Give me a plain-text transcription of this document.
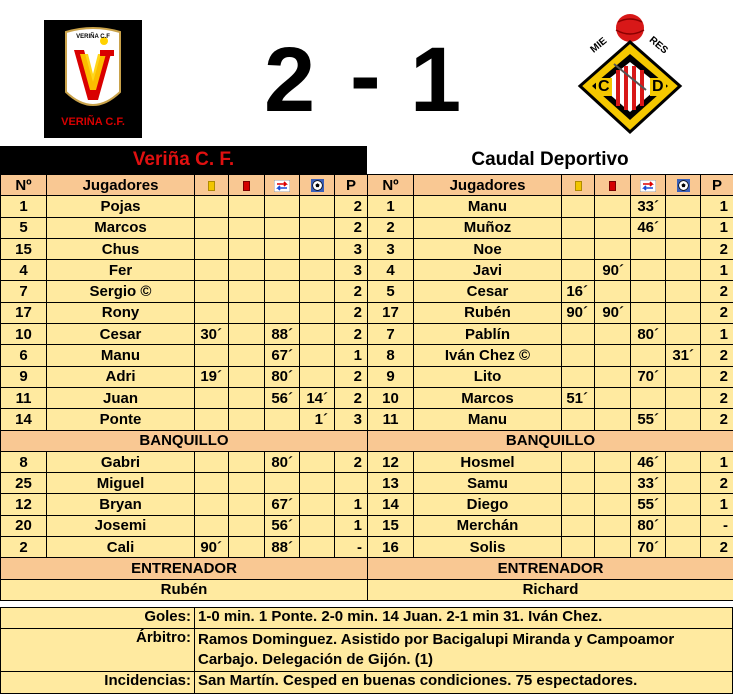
VERIÑA C.F
VERIÑA C.F. 2 - 1	MIE	RES
C	D
Veriña C. F.	Caudal Deportivo
Nº	Jugadores					P
1	Pojas					2
5	Marcos					2
15	Chus					3
4	Fer					3
7	Sergio ©					2
17	Rony					2
10	Cesar	30´		88´		2
6	Manu			67´		1
9	Adri	19´		80´		2
11	Juan			56´	14´	2
14	Ponte				1´	3
BANQUILLO						
8	Gabri			80´		2
25	Miguel					
12	Bryan			67´		1
20	Josemi			56´		1
2	Cali	90´		88´		-
ENTRENADOR						
Rubén						
Nº	Jugadores					P
1	Manu			33´		1
2	Muñoz			46´		1
3	Noe					2
4	Javi		90´			1
5	Cesar	16´				2
17	Rubén	90´	90´			2
7	Pablín			80´		1
8	Iván Chez ©				31´	2
9	Lito			70´		2
10	Marcos	51´				2
11	Manu			55´		2
BANQUILLO						
12	Hosmel			46´		1
13	Samu			33´		2
14	Diego			55´		1
15	Merchán			80´		-
16	Solis			70´		2
ENTRENADOR						
Richard						
Goles: 1-0 min. 1 Ponte. 2-0 min. 14 Juan. 2-1 min 31. Iván Chez.
Árbitro: Ramos Dominguez. Asistido por Bacigalupi Miranda y Campoamor
Carbajo. Delegación de Gijón. (1)
Incidencias: San Martín. Cesped en buenas condiciones. 75 espectadores.
